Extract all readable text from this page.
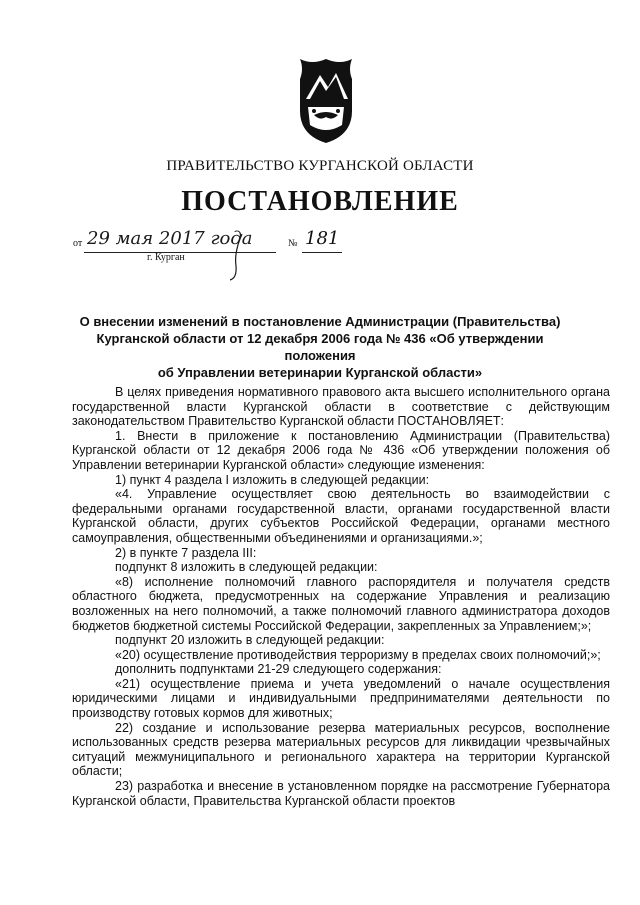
ПРАВИТЕЛЬСТВО КУРГАНСКОЙ ОБЛАСТИ
ПОСТАНОВЛЕНИЕ
от 29 мая 2017 года	№ 181
г. Курган
О внесении изменений в постановление Администрации (Правительства)
Курганской области от 12 декабря 2006 года № 436 «Об утверждении положения
об Управлении ветеринарии Курганской области»

В целях приведения нормативного правового акта высшего исполнительного органа государственной власти Курганской области в соответствие с действующим законодательством Правительство Курганской области ПОСТАНОВЛЯЕТ:

1. Внести в приложение к постановлению Администрации (Правительства) Курганской области от 12 декабря 2006 года № 436 «Об утверждении положения об Управлении ветеринарии Курганской области» следующие изменения:

1) пункт 4 раздела I изложить в следующей редакции:

«4. Управление осуществляет свою деятельность во взаимодействии с федеральными органами государственной власти, органами государственной власти Курганской области, других субъектов Российской Федерации, органами местного самоуправления, общественными объединениями и организациями.»;

2) в пункте 7 раздела III:

подпункт 8 изложить в следующей редакции:

«8) исполнение полномочий главного распорядителя и получателя средств областного бюджета, предусмотренных на содержание Управления и реализацию возложенных на него полномочий, а также полномочий главного администратора доходов бюджетов бюджетной системы Российской Федерации, закрепленных за Управлением;»;

подпункт 20 изложить в следующей редакции:

«20) осуществление противодействия терроризму в пределах своих полномочий;»;

дополнить подпунктами 21-29 следующего содержания:

«21) осуществление приема и учета уведомлений о начале осуществления юридическими лицами и индивидуальными предпринимателями деятельности по производству готовых кормов для животных;

22) создание и использование резерва материальных ресурсов, восполнение использованных средств резерва материальных ресурсов для ликвидации чрезвычайных ситуаций межмуниципального и регионального характера на территории Курганской области;

23) разработка и внесение в установленном порядке на рассмотрение Губернатора Курганской области, Правительства Курганской области проектов
